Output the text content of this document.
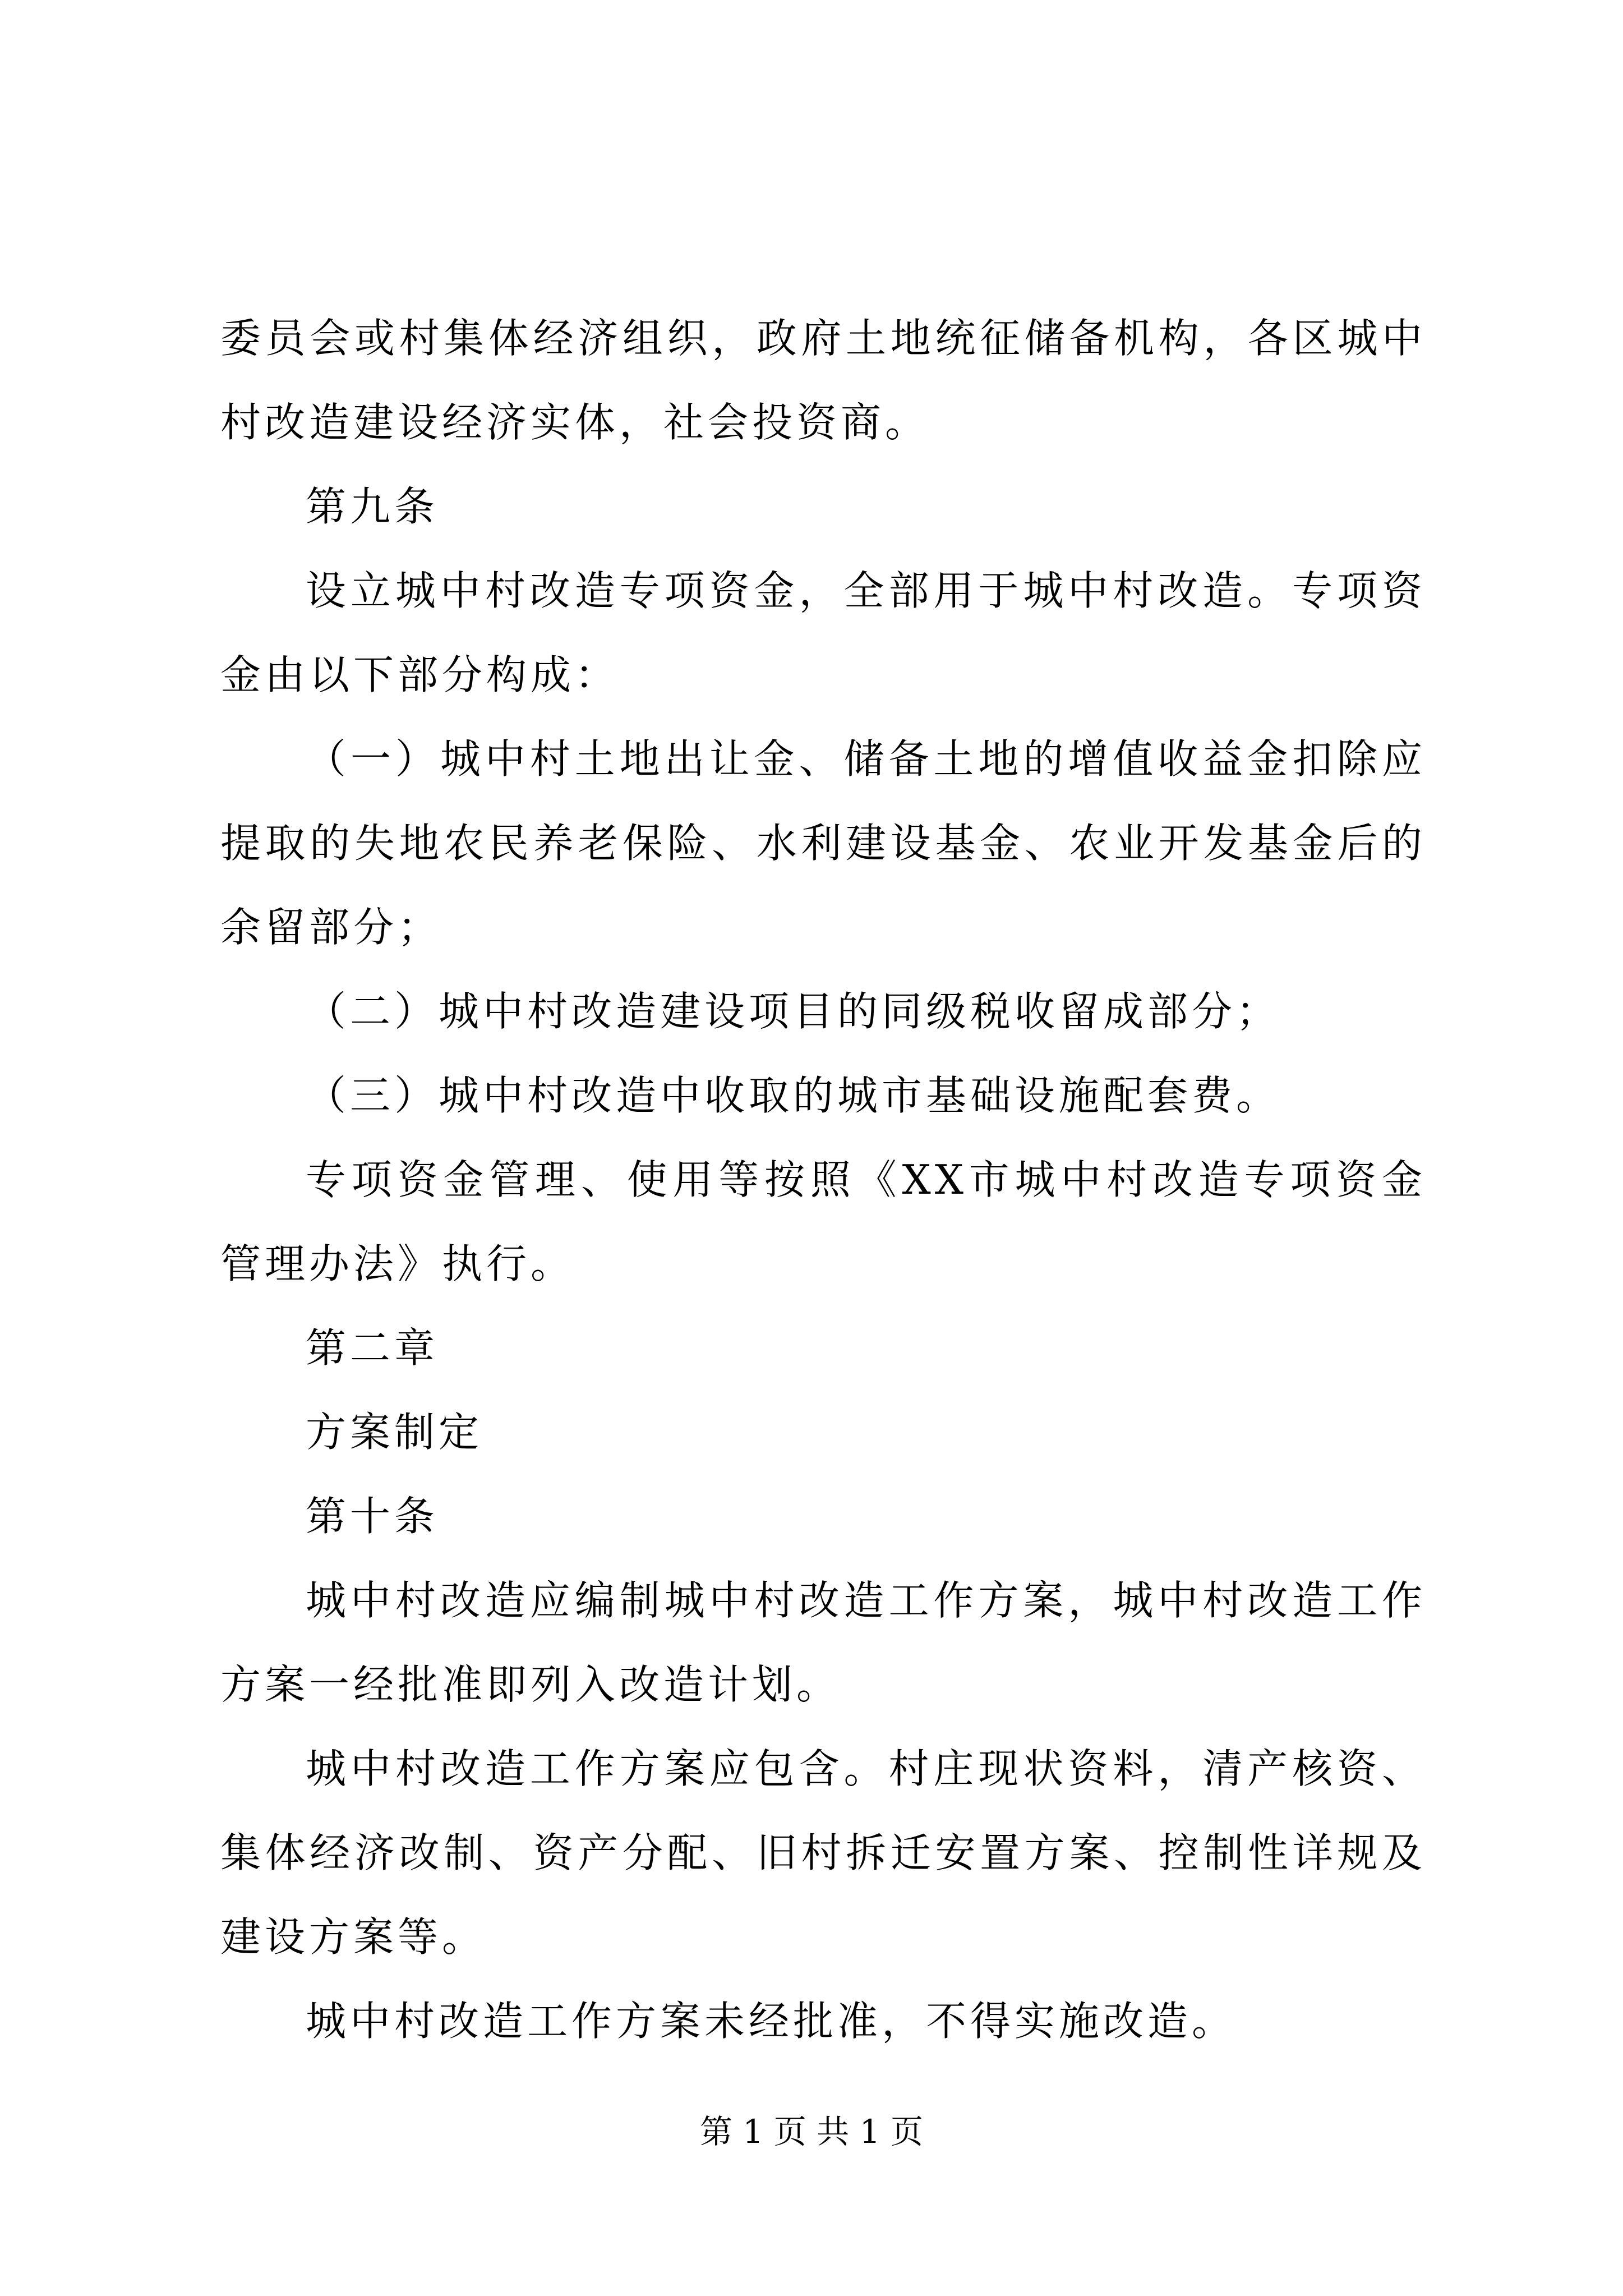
委员会或村集体经济组织，政府土地统征储备机构，各区城中村改造建设经济实体，社会投资商。

第九条

设立城中村改造专项资金，全部用于城中村改造。专项资金由以下部分构成：

（一）城中村土地出让金、储备土地的增值收益金扣除应提取的失地农民养老保险、水利建设基金、农业开发基金后的余留部分；

（二）城中村改造建设项目的同级税收留成部分；

（三）城中村改造中收取的城市基础设施配套费。

专项资金管理、使用等按照《XX市城中村改造专项资金管理办法》执行。

第二章

方案制定

第十条

城中村改造应编制城中村改造工作方案，城中村改造工作方案一经批准即列入改造计划。

城中村改造工作方案应包含。村庄现状资料，清产核资、集体经济改制、资产分配、旧村拆迁安置方案、控制性详规及建设方案等。

城中村改造工作方案未经批准，不得实施改造。

第 1 页 共 1 页
